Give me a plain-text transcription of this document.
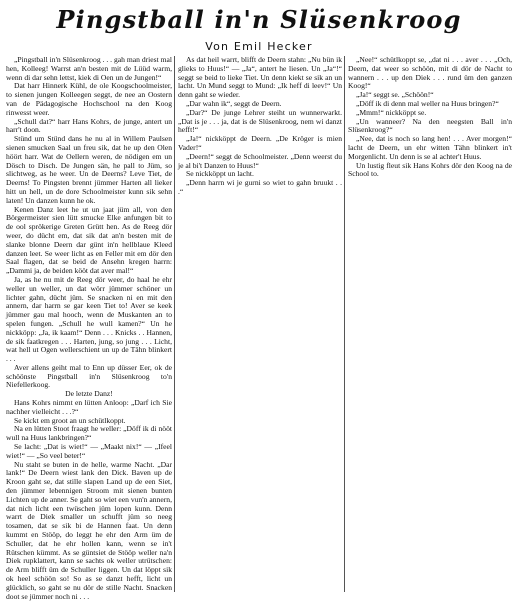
Pingstball in'n Slüsenkroog
Von Emil Hecker

„Pingstball in'n Slüsenkroog . . . gah man driest mal hen, Kolleeg! Warrst an'n besten mit de Lüüd warm, wenn di dar sehn lettst, kiek di Oen un de Jungen!“

Dat harr Hinnerk Kühl, de ole Koogschoolmeister, to sienen jungen Kolleegen seggt, de nee an Oostern van de Pädagogische Hochschool na den Koog rinwesst weer.

„Schull dat?“ harr Hans Kohrs, de junge, antert un harr't doon.

Stünd um Stünd dans he nu al in Willem Paulsen sienen smucken Saal un freu sik, dat he up den Olen höört harr. Wat de Oellern weren, de nödigen em un Dösch to Disch. De Jungen sän, he pall to Jüm, so slichtweg, as he weer. Un de Deerns? Leve Tiet, de Deerns! To Pingsten brennt jümmer Harten all lieker hitt un hell, un de dore Schoolmeister kunn sik sehn laten! Un danzen kunn he ok.

Kenen Danz leet he ut un jaat jüm all, von den Börgermeister sien lütt smucke Elke anfungen bit to de ool sprökerige Greten Grütt hen. As de Reeg dör weer, do dücht em, dat sik dat an'n besten mit de slanke blonne Deern dar günt in'n hellblaue Kleed danzen leet. Se weer licht as en Feller mit em dör den Saal flagen, dat se beid de Ansehn kregen harrn: „Dammi ja, de beiden kööt dat aver mal!“

Ja, as he nu mit de Reeg dör weer, do haal he ehr weller un weller, un dat wörr jümmer schöner un lichter gahn, dücht jüm. Se snacken ni en mit den annern, dar harrn se gar keen Tiet to! Aver se keek jümmer gau mal hooch, wenn de Muskanten an to spelen fungen. „Schull he wull kamen?“ Un he nickköpp: „Ja, ik kaam!“ Denn . . . Knicks . . Hannen, de sik faatkregen . . . Harten, jung, so jung . . . Licht, wat hell ut Ogen wellerschient un up de Tähn blinkert . . .

Aver allens geiht mal to Enn up düsser Eer, ok de schöönste Pingstball in'n Slüsenkroog to'n Niefellerkoog.

De letzte Danz!

Hans Kohrs nimmt en lütten Anloop: „Darf ich Sie nachher vielleicht . . .?“

Se kickt em groot an un schütlkoppt.

Na en lütten Stoot fraagt he weller: „Döff ik di nööt wull na Huus lankbringen?“

Se lacht: „Dat is wiet!“ — „Maakt nix!“ — „Ifeel wiet!“ — „So veel beter!“

Nu staht se buten in de helle, warme Nacht. „Dar lank!“ De Deern wiest lank den Dick. Baven up de Kroon gaht se, dat stille slapen Land up de een Siet, den jümmer lebennigen Stroom mit sienen bunten Lichten up de anner. Se gaht so wiet een vun'n annern, dat nich licht een twüschen jüm lopen kunn. Denn warrt de Diek smaller un schufft jüm so neeg tosamen, dat se sik bi de Hannen faat. Un denn kummt en Stööp, do leggt he ehr den Arm üm de Schuller, dat he ehr hollen kann, wenn se in't Rütschen kümmt. As se güntsiet de Stööp weller na'n Diek rupklattert, kann se sachts ok weller utrütschen: de Arm blifft üm de Schuller liggen. Un dat löppt sik ok heel schöön so! So as se danzt hefft, licht un glücklich, so gaht se nu dör de stille Nacht. Snacken doot se jümmer noch ni . . .

As dat heil warrt, blifft de Deern stahn: „Nu bün ik glieks to Huus!“ — „Ja“, antert he liesen. Un „Ja“!“ seggt se beid to lieke Tiet. Un denn kiekt se sik an un lacht. Un Mund seggt to Mund: „Ik heff di leev!“ Un denn gaht se wieder.

„Dar wahn ik“, seggt de Deern.

„Dar?“ De junge Lehrer steiht un wunnerwarkt. „Dat is je . . . ja, dat is de Slüsenkroog, nem wi danzt hefft!“

„Ja!“ nickköppt de Deern. „De Kröger is mien Vader!“

„Deern!“ seggt de Schoolmeister. „Denn weerst du je al bi't Danzen to Huus!“

Se nickköppt un lacht.

„Denn harrn wi je gurni so wiet to gahn bruukt . . .“

„Nee!“ schütlkoppt se, „dat ni . . . aver . . . „Och, Deern, dat weer so schöön, mit di dör de Nacht to wannern . . . up den Diek . . . rund üm den ganzen Koog!“

„Ja!“ seggt se. „Schöön!“

„Döff ik di denn mal weller na Huus bringen?“

„Mmm!“ nickköppt se.

„Un wanneer? Na den neegsten Ball in'n Slüsenkroog?“

„Nee, dat is noch so lang hen! . . . Aver morgen!“ lacht de Deern, un ehr witten Tähn blinkert in't Morgenlicht. Un denn is se al achter't Huus.

Un lustig fleut sik Hans Kohrs dör den Koog na de School to.
